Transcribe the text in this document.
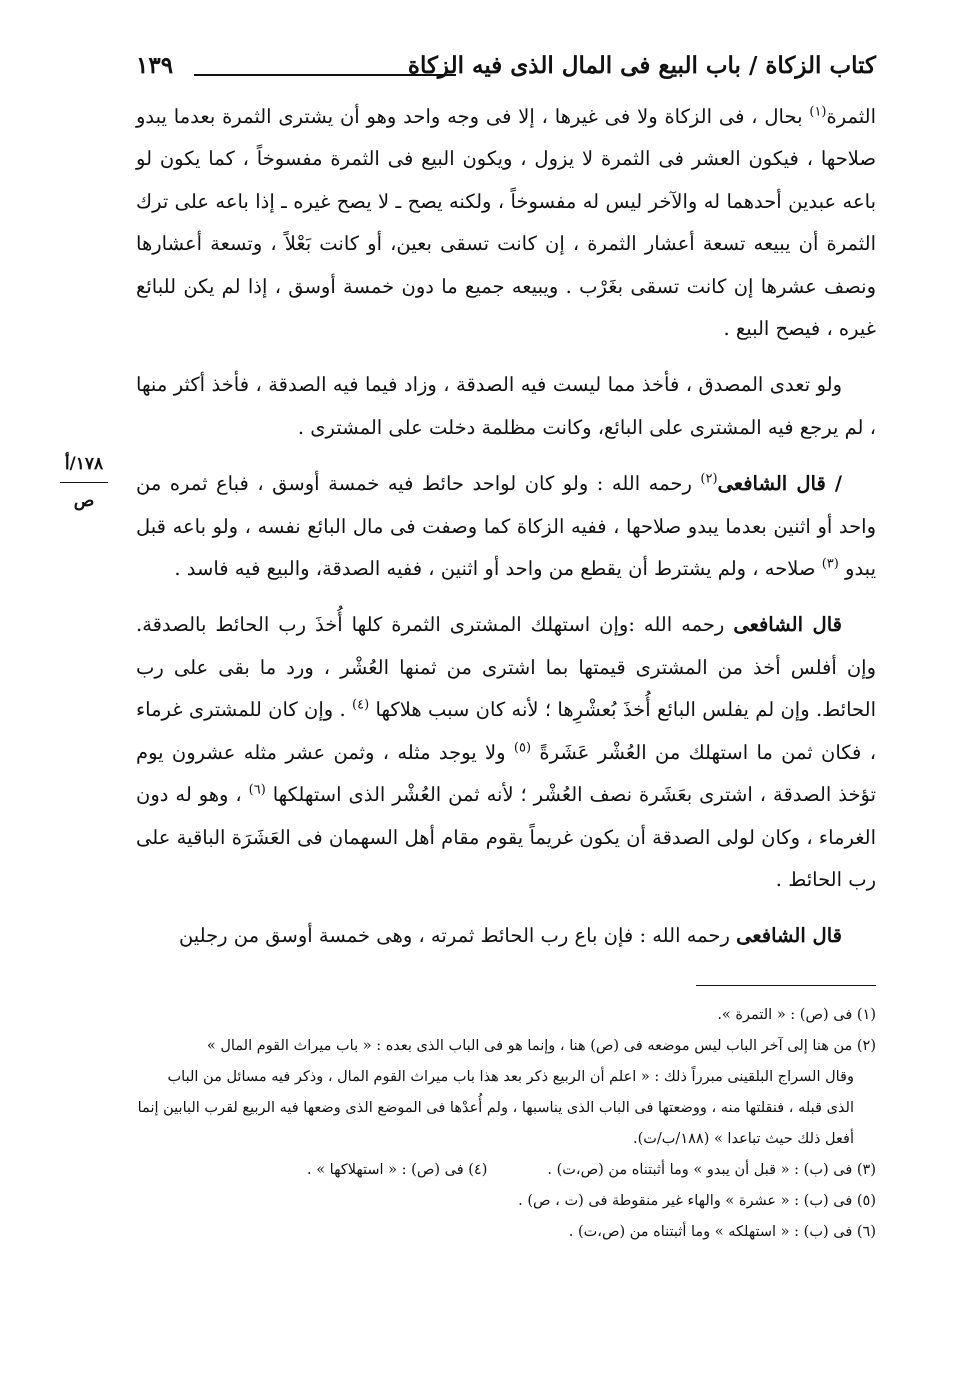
كتاب الزكاة / باب البيع فى المال الذى فيه الزكاة
١٣٩
١٧٨/أ
ص

الثمرة$^{(١)}$ بحال ، فى الزكاة ولا فى غيرها ، إلا فى وجه واحد وهو أن يشترى الثمرة بعدما يبدو صلاحها ، فيكون العشر فى الثمرة لا يزول ، ويكون البيع فى الثمرة مفسوخاً ، كما يكون لو باعه عبدين أحدهما له والآخر ليس له مفسوخاً ، ولكنه يصح ـ لا يصح غيره ـ إذا باعه على ترك الثمرة أن يبيعه تسعة أعشار الثمرة ، إن كانت تسقى بعين، أو كانت بَعْلاً ، وتسعة أعشارها ونصف عشرها إن كانت تسقى بغَرْب . ويبيعه جميع ما دون خمسة أوسق ، إذا لم يكن للبائع غيره ، فيصح البيع .

ولو تعدى المصدق ، فأخذ مما ليست فيه الصدقة ، وزاد فيما فيه الصدقة ، فأخذ أكثر منها ، لم يرجع فيه المشترى على البائع، وكانت مظلمة دخلت على المشترى .

/ قال الشافعى$^{(٢)}$ رحمه الله : ولو كان لواحد حائط فيه خمسة أوسق ، فباع ثمره من واحد أو اثنين بعدما يبدو صلاحها ، ففيه الزكاة كما وصفت فى مال البائع نفسه ، ولو باعه قبل يبدو $^{(٣)}$ صلاحه ، ولم يشترط أن يقطع من واحد أو اثنين ، ففيه الصدقة، والبيع فيه فاسد .

قال الشافعى رحمه الله :وإن استهلك المشترى الثمرة كلها أُخذَ رب الحائط بالصدقة. وإن أفلس أخذ من المشترى قيمتها بما اشترى من ثمنها العُشْر ، ورد ما بقى على رب الحائط. وإن لم يفلس البائع أُخذَ بُعشْرِها ؛ لأنه كان سبب هلاكها $^{(٤)}$ . وإن كان للمشترى غرماء ، فكان ثمن ما استهلك من العُشْر عَشَرةً $^{(٥)}$ ولا يوجد مثله ، وثمن عشر مثله عشرون يوم تؤخذ الصدقة ، اشترى بعَشَرة نصف العُشْر ؛ لأنه ثمن العُشْر الذى استهلكها $^{(٦)}$ ، وهو له دون الغرماء ، وكان لولى الصدقة أن يكون غريماً يقوم مقام أهل السهمان فى العَشَرَة الباقية على رب الحائط .

قال الشافعى رحمه الله : فإن باع رب الحائط ثمرته ، وهى خمسة أوسق من رجلين

(١) فى (ص) : « التمرة ».

(٢) من هنا إلى آخر الباب ليس موضعه فى (ص) هنا ، وإنما هو فى الباب الذى بعده : « باب ميراث القوم المال »

وقال السراج البلقينى مبرراً ذلك : « اعلم أن الربيع ذكر بعد هذا باب ميراث القوم المال ، وذكر فيه مسائل من الباب الذى قبله ، فنقلتها منه ، ووضعتها فى الباب الذى يناسبها ، ولم أُعدْها فى الموضع الذى وضعها فيه الربيع لقرب البابين إنما أفعل ذلك حيث تباعدا » (١٨٨/ب/ت).

(٣) فى (ب) : « قبل أن يبدو » وما أثبتناه من (ص،ت) .

(٤) فى (ص) : « استهلاكها » .

(٥) فى (ب) : « عشرة » والهاء غير منقوطة فى (ت ، ص) .

(٦) فى (ب) : « استهلكه » وما أثبتناه من (ص،ت) .
